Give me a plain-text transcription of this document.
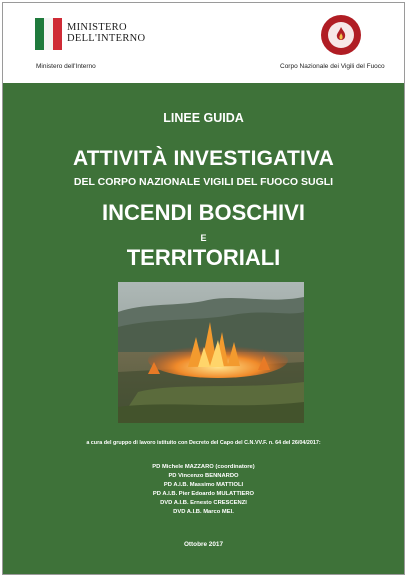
MINISTERO
DELL'INTERNO
Ministero dell'Interno	Corpo Nazionale dei Vigili del Fuoco
LINEE GUIDA
ATTIVITÀ INVESTIGATIVA
DEL CORPO NAZIONALE VIGILI DEL FUOCO SUGLI
INCENDI BOSCHIVI
E
TERRITORIALI
a cura del gruppo di lavoro istituito con Decreto del Capo del C.N.VV.F. n. 64 del 26/04/2017:
PD Michele MAZZARO (coordinatore)
PD Vincenzo BENNARDO
PD A.I.B. Massimo MATTIOLI
PD A.I.B. Pier Edoardo MULATTIERO
DVD A.I.B. Ernesto CRESCENZI
DVD A.I.B. Marco MEI.
Ottobre 2017
